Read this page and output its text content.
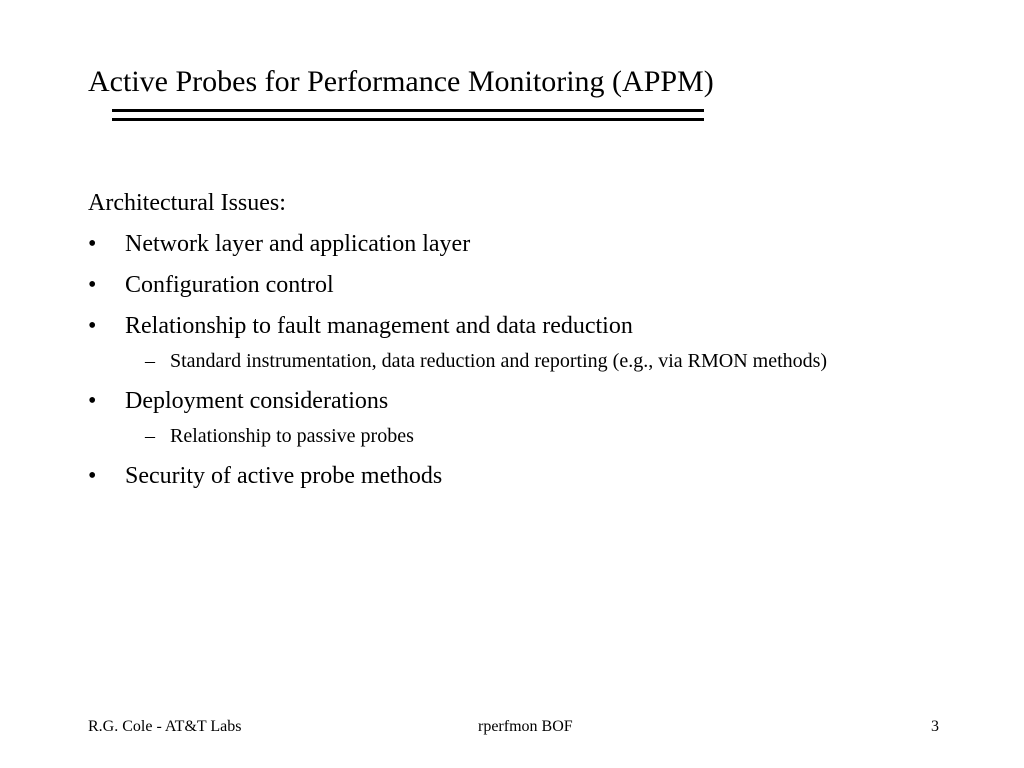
Active Probes for Performance Monitoring (APPM)
Architectural Issues:
• Network layer and application layer
• Configuration control
• Relationship to fault management and data reduction
– Standard instrumentation, data reduction and reporting (e.g., via RMON methods)
• Deployment considerations
– Relationship to passive probes
• Security of active probe methods
R.G. Cole - AT&T Labs	rperfmon BOF	3
